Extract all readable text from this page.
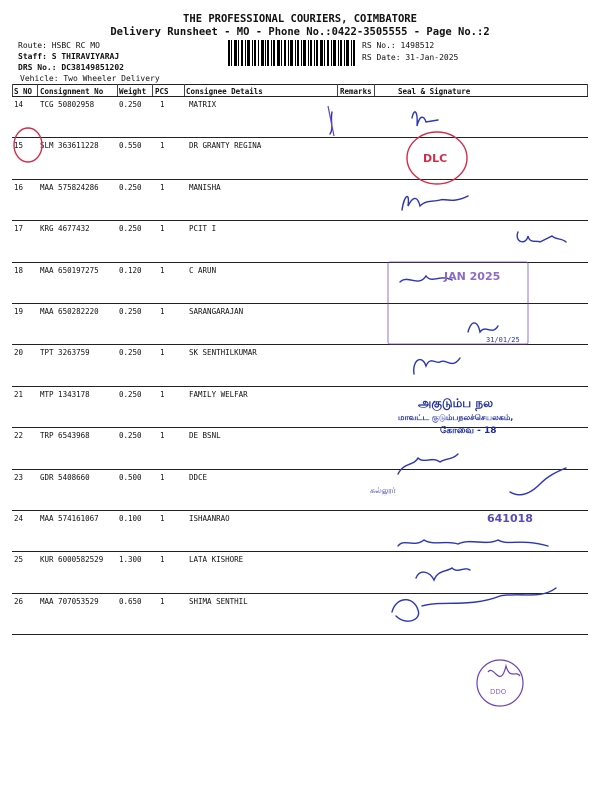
THE PROFESSIONAL COURIERS, COIMBATORE
Delivery Runsheet - MO - Phone No.:0422-3505555 - Page No.:2
Route: HSBC RC MO
Staff: S THIRAVIYARAJ
DRS No.: DC38149851202
Vehicle: Two Wheeler Delivery
RS No.: 1498512
RS Date: 31-Jan-2025
S NO Consignment No Weight PCS Consignee Details	Remarks	Seal & Signature
14 TCG 50802958	0.250 1	MATRIX
15 SLM 363611228	0.550 1	DR GRANTY REGINA
16 MAA 575824286	0.250 1	MANISHA
17 KRG 4677432	0.250 1	PCIT I
18 MAA 650197275	0.120 1	C ARUN
19 MAA 650282220	0.250 1	SARANGARAJAN
20 TPT 3263759	0.250 1	SK SENTHILKUMAR
21 MTP 1343178	0.250 1	FAMILY WELFAR
22 TRP 6543968	0.250 1	DE BSNL
23 GDR 5408660	0.500 1	DDCE
24 MAA 574161067	0.100 1	ISHAANRAO
25 KUR 6000582529 1.300 1	LATA KISHORE
26 MAA 707053529	0.650 1	SHIMA SENTHIL
DLC
JAN 2025
31/01/25
அகுடும்ப நல
மாவட்ட குடும்பநலச்செயலகம்,
கோவை - 18
கல்லூர்
641018
DDO
